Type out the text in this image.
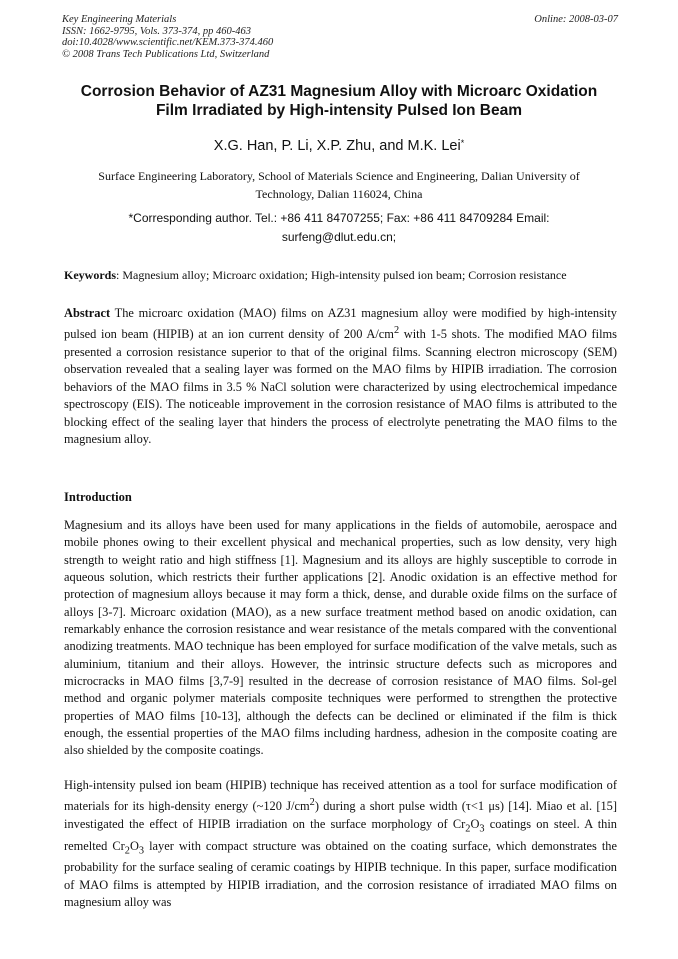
Key Engineering Materials
ISSN: 1662-9795, Vols. 373-374, pp 460-463
doi:10.4028/www.scientific.net/KEM.373-374.460
© 2008 Trans Tech Publications Ltd, Switzerland
Online: 2008-03-07
Corrosion Behavior of AZ31 Magnesium Alloy with Microarc Oxidation
Film Irradiated by High-intensity Pulsed Ion Beam
X.G. Han, P. Li, X.P. Zhu, and M.K. Lei*
Surface Engineering Laboratory, School of Materials Science and Engineering, Dalian University of
Technology, Dalian 116024, China
*Corresponding author. Tel.: +86 411 84707255; Fax: +86 411 84709284 Email:
surfeng@dlut.edu.cn;
Keywords: Magnesium alloy; Microarc oxidation; High-intensity pulsed ion beam; Corrosion resistance
Abstract The microarc oxidation (MAO) films on AZ31 magnesium alloy were modified by high-intensity pulsed ion beam (HIPIB) at an ion current density of 200 $A/cm^2$ with 1-5 shots. The modified MAO films presented a corrosion resistance superior to that of the original films. Scanning electron microscopy (SEM) observation revealed that a sealing layer was formed on the MAO films by HIPIB irradiation. The corrosion behaviors of the MAO films in 3.5 % NaCl solution were characterized by using electrochemical impedance spectroscopy (EIS). The noticeable improvement in the corrosion resistance of MAO films is attributed to the blocking effect of the sealing layer that hinders the process of electrolyte penetrating the MAO films to the magnesium alloy.
Introduction
Magnesium and its alloys have been used for many applications in the fields of automobile, aerospace and mobile phones owing to their excellent physical and mechanical properties, such as low density, very high strength to weight ratio and high stiffness [1]. Magnesium and its alloys are highly susceptible to corrode in aqueous solution, which restricts their further applications [2]. Anodic oxidation is an effective method for protection of magnesium alloys because it may form a thick, dense, and durable oxide films on the surface of alloys [3-7]. Microarc oxidation (MAO), as a new surface treatment method based on anodic oxidation, can remarkably enhance the corrosion resistance and wear resistance of the metals compared with the conventional anodizing treatments. MAO technique has been employed for surface modification of the valve metals, such as aluminium, titanium and their alloys. However, the intrinsic structure defects such as micropores and microcracks in MAO films [3,7-9] resulted in the decrease of corrosion resistance of MAO films. Sol-gel method and organic polymer materials composite techniques were performed to strengthen the protective properties of MAO films [10-13], although the defects can be declined or eliminated if the film is thick enough, the essential properties of the MAO films including hardness, adhesion in the composite coating are also shielded by the composite coatings.
High-intensity pulsed ion beam (HIPIB) technique has received attention as a tool for surface modification of materials for its high-density energy (~120 $J/cm^2$) during a short pulse width (τ<1 μs) [14]. Miao et al. [15] investigated the effect of HIPIB irradiation on the surface morphology of $Cr_2O_3$ coatings on steel. A thin remelted $Cr_2O_3$ layer with compact structure was obtained on the coating surface, which demonstrates the probability for the surface sealing of ceramic coatings by HIPIB technique. In this paper, surface modification of MAO films is attempted by HIPIB irradiation, and the corrosion resistance of irradiated MAO films on magnesium alloy was
